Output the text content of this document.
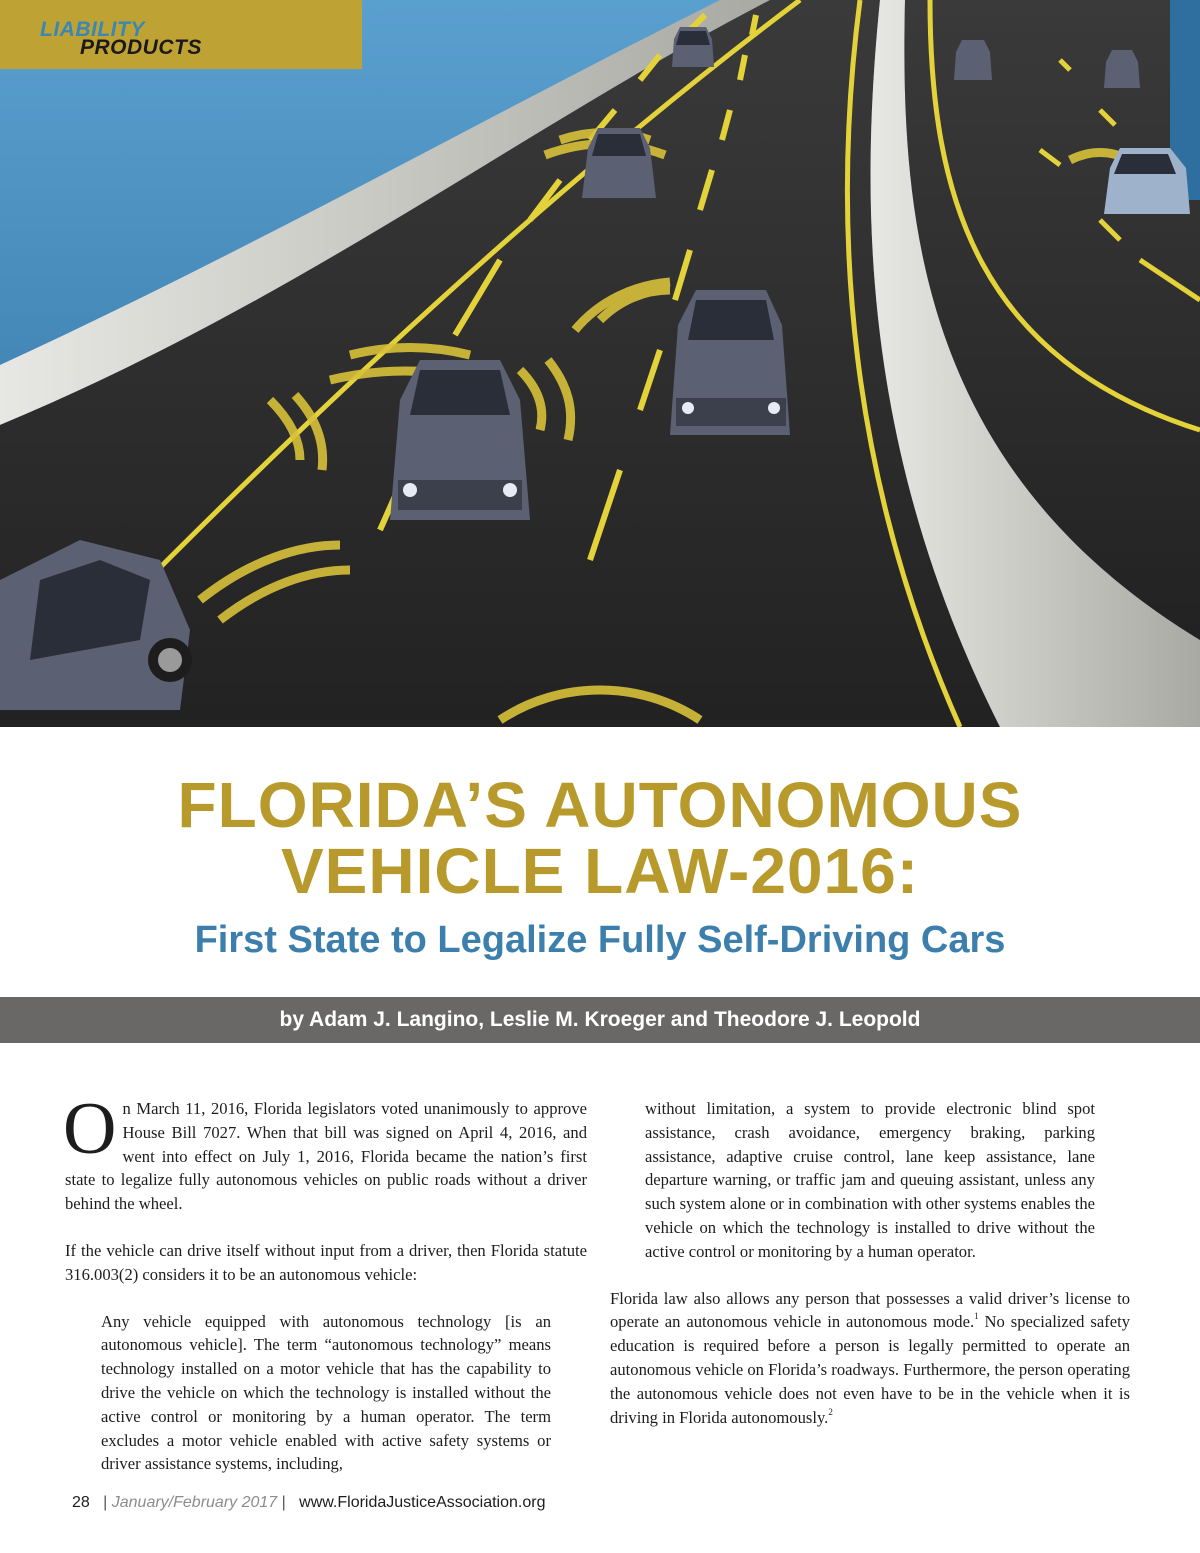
PRODUCTS
LIABILITY
FLORIDA’S AUTONOMOUS
VEHICLE LAW-2016:
First State to Legalize Fully Self-Driving Cars
by Adam J. Langino, Leslie M. Kroeger and Theodore J. Leopold

On March 11, 2016, Florida legislators voted unanimously to approve House Bill 7027. When that bill was signed on April 4, 2016, and went into effect on July 1, 2016, Florida became the nation’s first state to legalize fully autonomous vehicles on public roads without a driver behind the wheel.

If the vehicle can drive itself without input from a driver, then Florida statute 316.003(2) considers it to be an autonomous vehicle:

Any vehicle equipped with autonomous technology [is an autonomous vehicle]. The term “autonomous technology” means technology installed on a motor vehicle that has the capability to drive the vehicle on which the technology is installed without the active control or monitoring by a human operator. The term excludes a motor vehicle enabled with active safety systems or driver assistance systems, including,

without limitation, a system to provide electronic blind spot assistance, crash avoidance, emergency braking, parking assistance, adaptive cruise control, lane keep assistance, lane departure warning, or traffic jam and queuing assistant, unless any such system alone or in combination with other systems enables the vehicle on which the technology is installed to drive without the active control or monitoring by a human operator.

Florida law also allows any person that possesses a valid driver’s license to operate an autonomous vehicle in autonomous mode.$^1$ No specialized safety education is required before a person is legally permitted to operate an autonomous vehicle on Florida’s roadways. Furthermore, the person operating the autonomous vehicle does not even have to be in the vehicle when it is driving in Florida autonomously.$^2$

28 | January/February 2017 | www.FloridaJusticeAssociation.org
